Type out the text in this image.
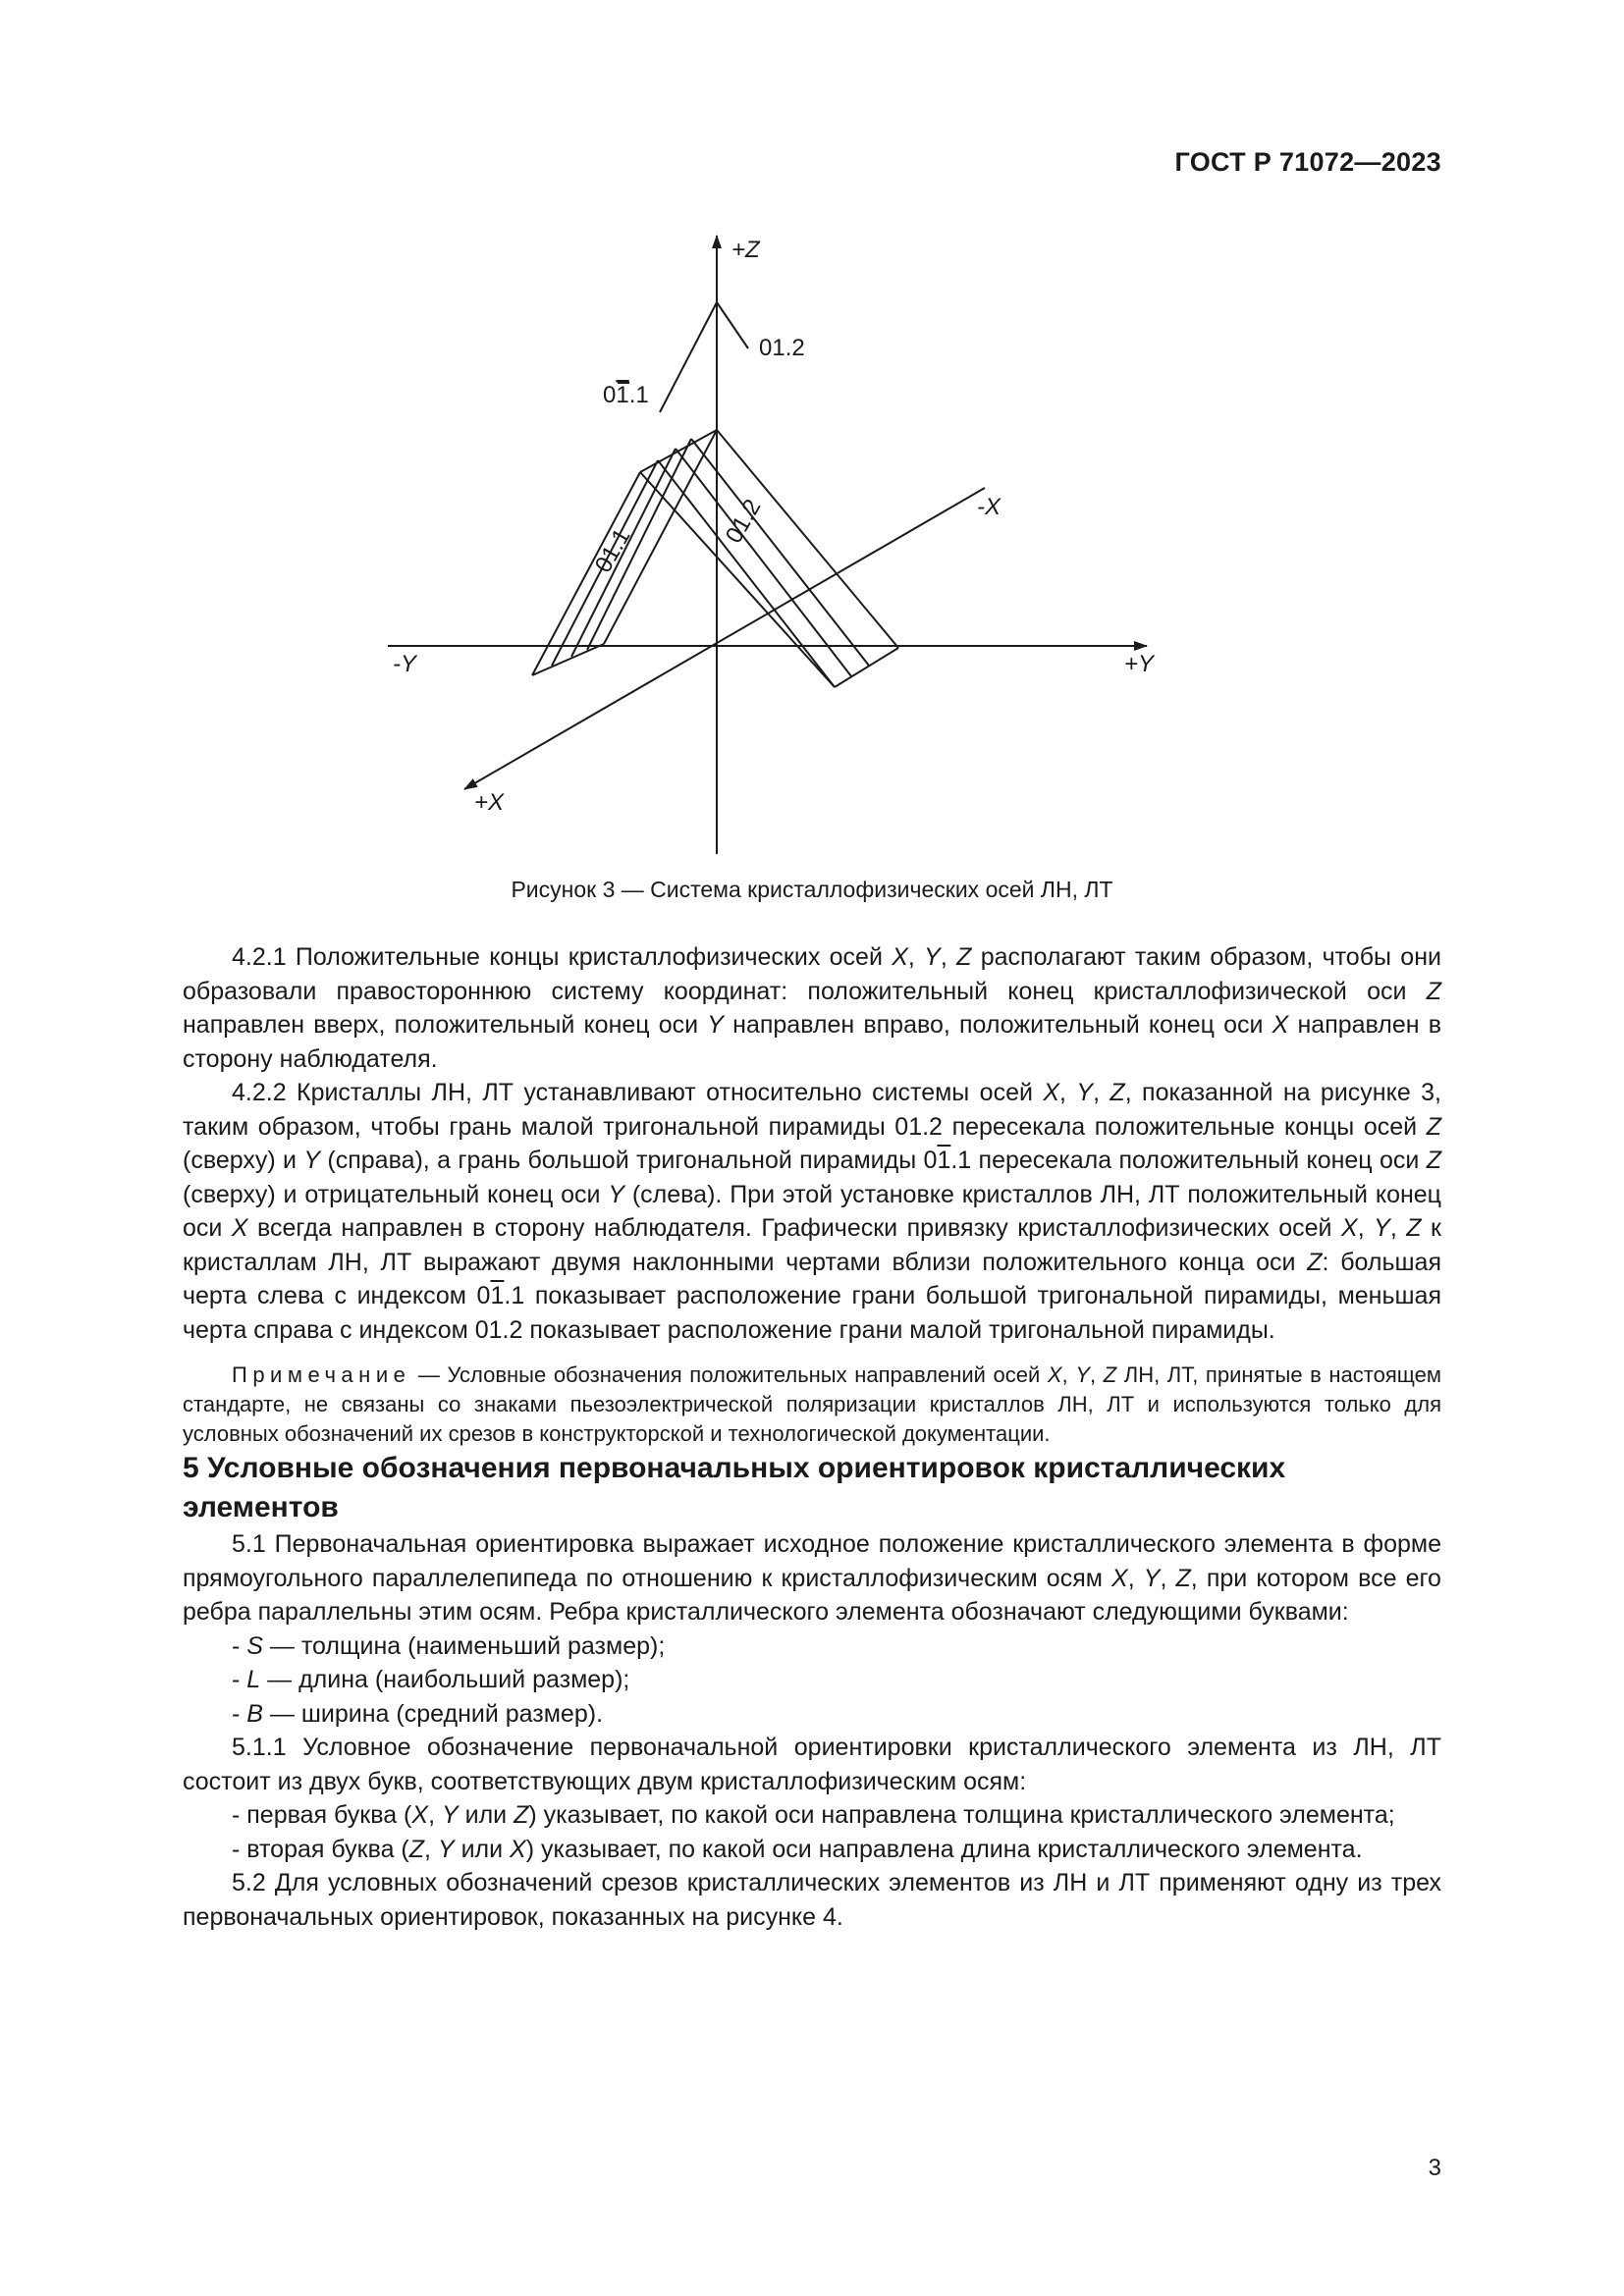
ГОСТ Р 71072—2023
+Z
-X
+X
-Y	+Y
01.2
01.1
01.1
01.2
Рисунок 3 — Система кристаллофизических осей ЛН, ЛТ

4.2.1 Положительные концы кристаллофизических осей X, Y, Z располагают таким образом, чтобы они образовали правостороннюю систему координат: положительный конец кристаллофизической оси Z направлен вверх, положительный конец оси Y направлен вправо, положительный конец оси X направлен в сторону наблюдателя.

4.2.2 Кристаллы ЛН, ЛТ устанавливают относительно системы осей X, Y, Z, показанной на рисунке 3, таким образом, чтобы грань малой тригональной пирамиды 01.2 пересекала положительные концы осей Z (сверху) и Y (справа), а грань большой тригональной пирамиды 01.1 пересекала положительный конец оси Z (сверху) и отрицательный конец оси Y (слева). При этой установке кристаллов ЛН, ЛТ положительный конец оси X всегда направлен в сторону наблюдателя. Графически привязку кристаллофизических осей X, Y, Z к кристаллам ЛН, ЛТ выражают двумя наклонными чертами вблизи положительного конца оси Z: большая черта слева с индексом 01.1 показывает расположение грани большой тригональной пирамиды, меньшая черта справа с индексом 01.2 показывает расположение грани малой тригональной пирамиды.

Примечание — Условные обозначения положительных направлений осей X, Y, Z ЛН, ЛТ, принятые в настоящем стандарте, не связаны со знаками пьезоэлектрической поляризации кристаллов ЛН, ЛТ и используются только для условных обозначений их срезов в конструкторской и технологической документации.

5 Условные обозначения первоначальных ориентировок кристаллических элементов

5.1 Первоначальная ориентировка выражает исходное положение кристаллического элемента в форме прямоугольного параллелепипеда по отношению к кристаллофизическим осям X, Y, Z, при котором все его ребра параллельны этим осям. Ребра кристаллического элемента обозначают следующими буквами:

- S — толщина (наименьший размер);

- L — длина (наибольший размер);

- B — ширина (средний размер).

5.1.1 Условное обозначение первоначальной ориентировки кристаллического элемента из ЛН, ЛТ состоит из двух букв, соответствующих двум кристаллофизическим осям:

- первая буква (X, Y или Z) указывает, по какой оси направлена толщина кристаллического элемента;

- вторая буква (Z, Y или X) указывает, по какой оси направлена длина кристаллического элемента.

5.2 Для условных обозначений срезов кристаллических элементов из ЛН и ЛТ применяют одну из трех первоначальных ориентировок, показанных на рисунке 4.

3
